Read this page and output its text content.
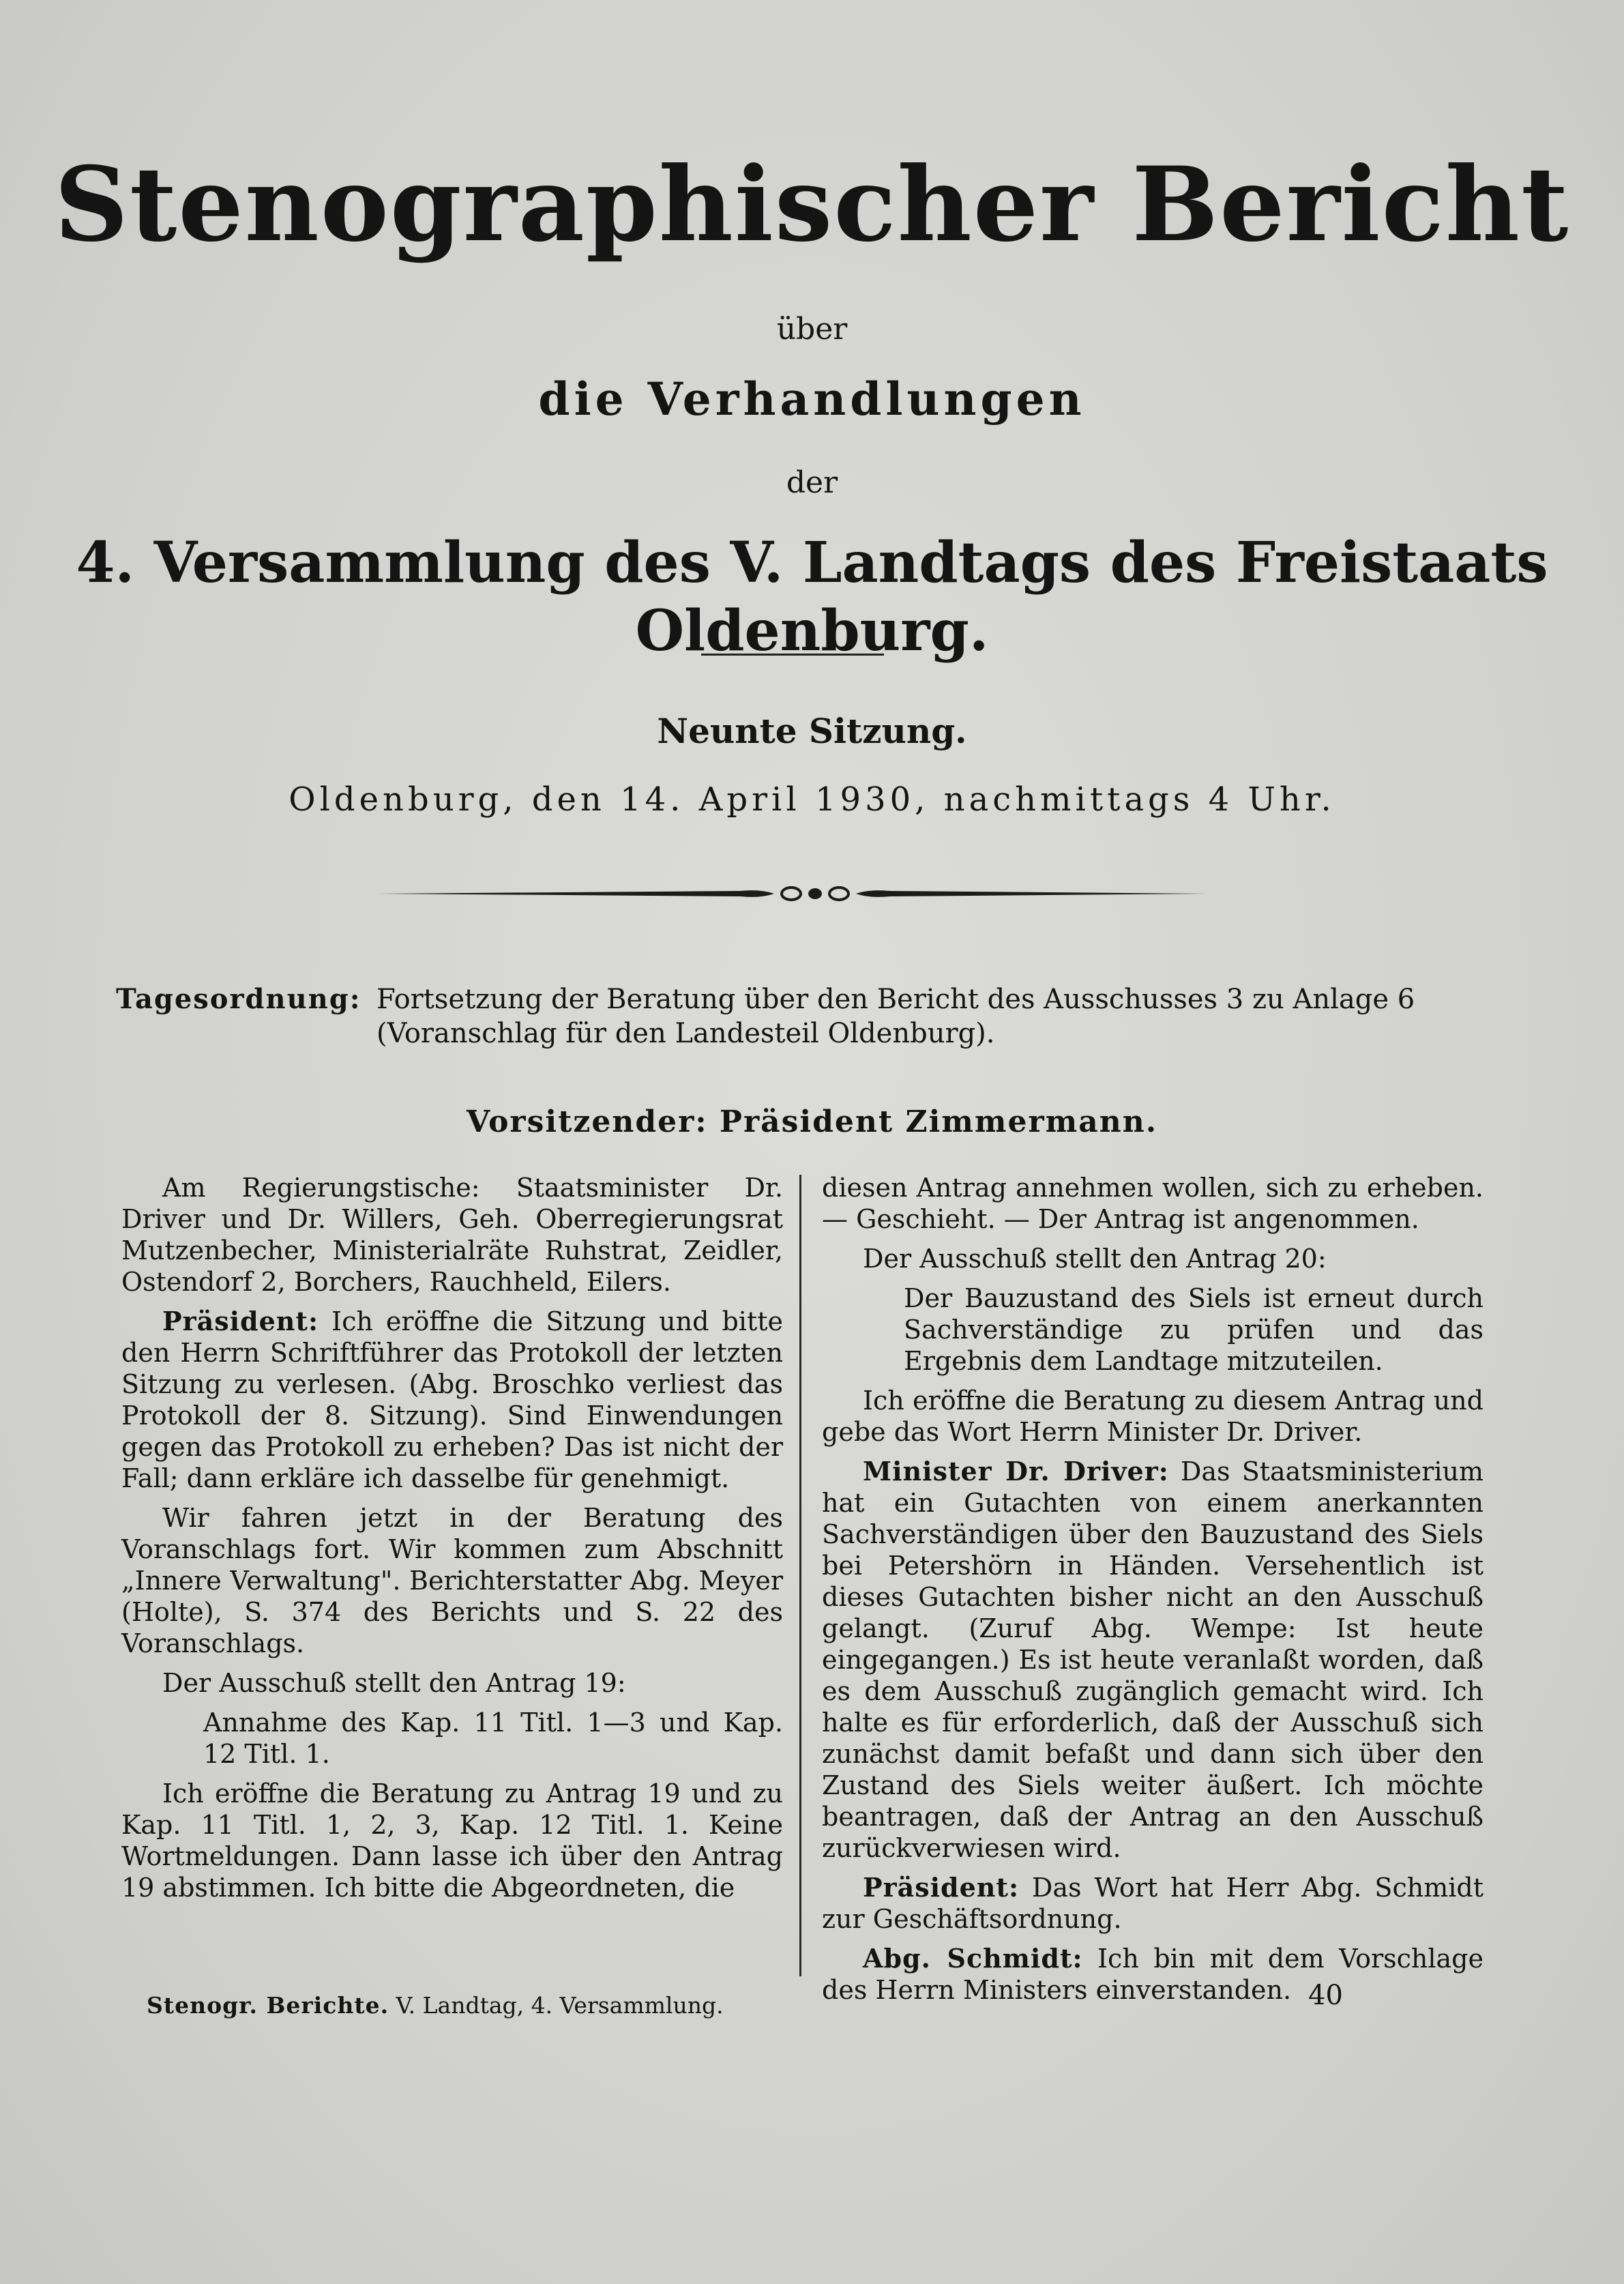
Stenographischer Bericht
über
die Verhandlungen
der
4. Versammlung des V. Landtags des Freistaats Oldenburg.
Neunte Sitzung.
Oldenburg, den 14. April 1930, nachmittags 4 Uhr.
Tagesordnung: Fortsetzung der Beratung über den Bericht des Ausschusses 3 zu Anlage 6 (Voranschlag für den Landesteil Oldenburg).
Vorsitzender: Präsident Zimmermann.

Am Regierungstische: Staatsminister Dr. Driver und Dr. Willers, Geh. Oberregierungsrat Mutzenbecher, Ministerialräte Ruhstrat, Zeidler, Ostendorf 2, Borchers, Rauchheld, Eilers.

Präsident: Ich eröffne die Sitzung und bitte den Herrn Schriftführer das Protokoll der letzten Sitzung zu verlesen. (Abg. Broschko verliest das Protokoll der 8. Sitzung). Sind Einwendungen gegen das Protokoll zu erheben? Das ist nicht der Fall; dann erkläre ich dasselbe für genehmigt.

Wir fahren jetzt in der Beratung des Voranschlags fort. Wir kommen zum Abschnitt „Innere Verwaltung". Berichterstatter Abg. Meyer (Holte), S. 374 des Berichts und S. 22 des Voranschlags.

Der Ausschuß stellt den Antrag 19:

Annahme des Kap. 11 Titl. 1—3 und Kap. 12 Titl. 1.

Ich eröffne die Beratung zu Antrag 19 und zu Kap. 11 Titl. 1, 2, 3, Kap. 12 Titl. 1. Keine Wortmeldungen. Dann lasse ich über den Antrag 19 abstimmen. Ich bitte die Abgeordneten, die

diesen Antrag annehmen wollen, sich zu erheben. — Geschieht. — Der Antrag ist angenommen.

Der Ausschuß stellt den Antrag 20:

Der Bauzustand des Siels ist erneut durch Sachverständige zu prüfen und das Ergebnis dem Landtage mitzuteilen.

Ich eröffne die Beratung zu diesem Antrag und gebe das Wort Herrn Minister Dr. Driver.

Minister Dr. Driver: Das Staatsministerium hat ein Gutachten von einem anerkannten Sachverständigen über den Bauzustand des Siels bei Petershörn in Händen. Versehentlich ist dieses Gutachten bisher nicht an den Ausschuß gelangt. (Zuruf Abg. Wempe: Ist heute eingegangen.) Es ist heute veranlaßt worden, daß es dem Ausschuß zugänglich gemacht wird. Ich halte es für erforderlich, daß der Ausschuß sich zunächst damit befaßt und dann sich über den Zustand des Siels weiter äußert. Ich möchte beantragen, daß der Antrag an den Ausschuß zurückverwiesen wird.

Präsident: Das Wort hat Herr Abg. Schmidt zur Geschäftsordnung.

Abg. Schmidt: Ich bin mit dem Vorschlage des Herrn Ministers einverstanden.

Stenogr. Berichte. V. Landtag, 4. Versammlung.	40
